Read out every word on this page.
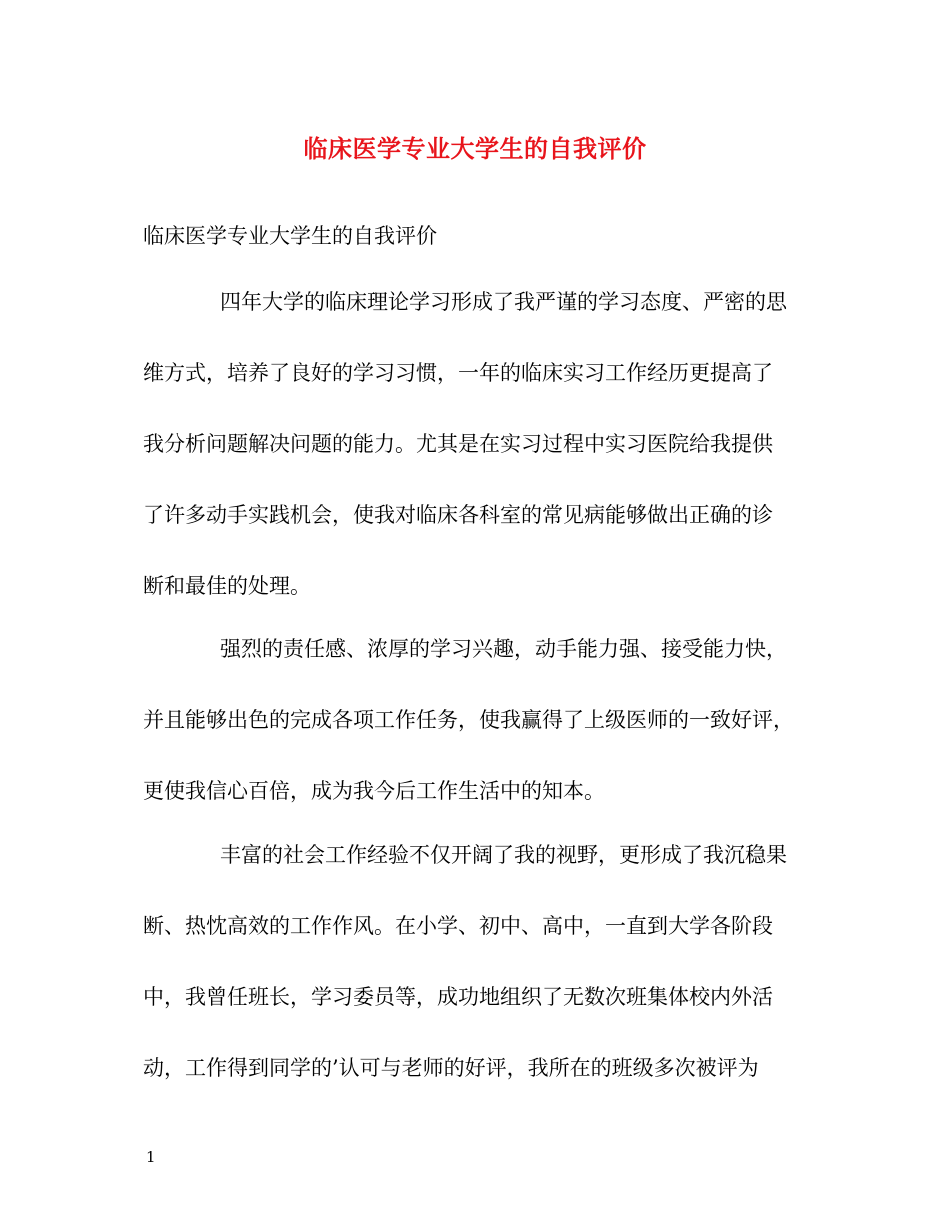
临床医学专业大学生的自我评价
临床医学专业大学生的自我评价
四年大学的临床理论学习形成了我严谨的学习态度、严密的思
维方式，培养了良好的学习习惯，一年的临床实习工作经历更提高了
我分析问题解决问题的能力。尤其是在实习过程中实习医院给我提供
了许多动手实践机会，使我对临床各科室的常见病能够做出正确的诊
断和最佳的处理。
强烈的责任感、浓厚的学习兴趣，动手能力强、接受能力快，
并且能够出色的完成各项工作任务，使我赢得了上级医师的一致好评，
更使我信心百倍，成为我今后工作生活中的知本。
丰富的社会工作经验不仅开阔了我的视野，更形成了我沉稳果
断、热忱高效的工作作风。在小学、初中、高中，一直到大学各阶段
中，我曾任班长，学习委员等，成功地组织了无数次班集体校内外活
动，工作得到同学的’认可与老师的好评，我所在的班级多次被评为
1
